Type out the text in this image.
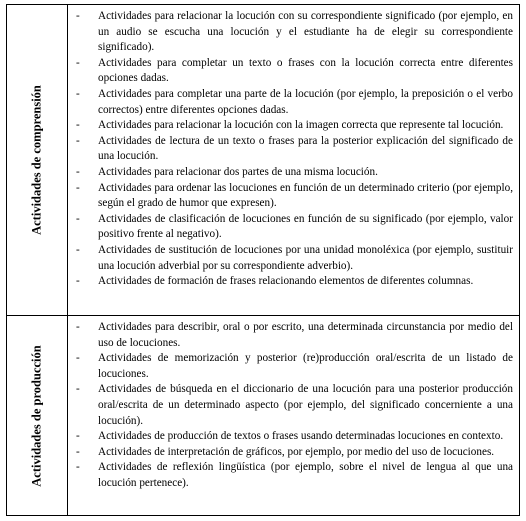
Actividades de comprensión
- Actividades para relacionar la locución con su correspondiente significado (por ejemplo, en un audio se escucha una locución y el estudiante ha de elegir su correspondiente significado).
- Actividades para completar un texto o frases con la locución correcta entre diferentes opciones dadas.
- Actividades para completar una parte de la locución (por ejemplo, la preposición o el verbo correctos) entre diferentes opciones dadas.
- Actividades para relacionar la locución con la imagen correcta que represente tal locución.
- Actividades de lectura de un texto o frases para la posterior explicación del significado de una locución.
- Actividades para relacionar dos partes de una misma locución.
- Actividades para ordenar las locuciones en función de un determinado criterio (por ejemplo, según el grado de humor que expresen).
- Actividades de clasificación de locuciones en función de su significado (por ejemplo, valor positivo frente al negativo).
- Actividades de sustitución de locuciones por una unidad monoléxica (por ejemplo, sustituir una locución adverbial por su correspondiente adverbio).
- Actividades de formación de frases relacionando elementos de diferentes columnas.
Actividades de producción
- Actividades para describir, oral o por escrito, una determinada circunstancia por medio del uso de locuciones.
- Actividades de memorización y posterior (re)producción oral/escrita de un listado de locuciones.
- Actividades de búsqueda en el diccionario de una locución para una posterior producción oral/escrita de un determinado aspecto (por ejemplo, del significado concerniente a una locución).
- Actividades de producción de textos o frases usando determinadas locuciones en contexto.
- Actividades de interpretación de gráficos, por ejemplo, por medio del uso de locuciones.
- Actividades de reflexión lingüística (por ejemplo, sobre el nivel de lengua al que una locución pertenece).
